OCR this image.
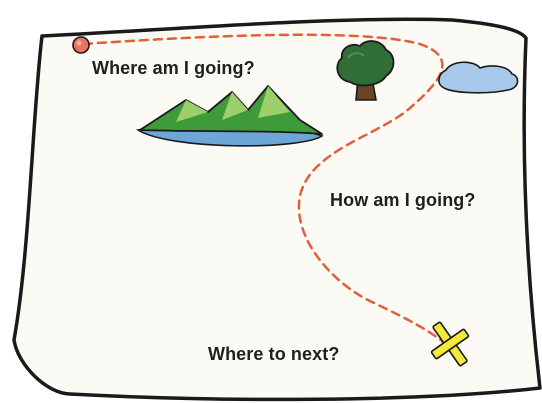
Where am I going?
How am I going?
Where to next?
